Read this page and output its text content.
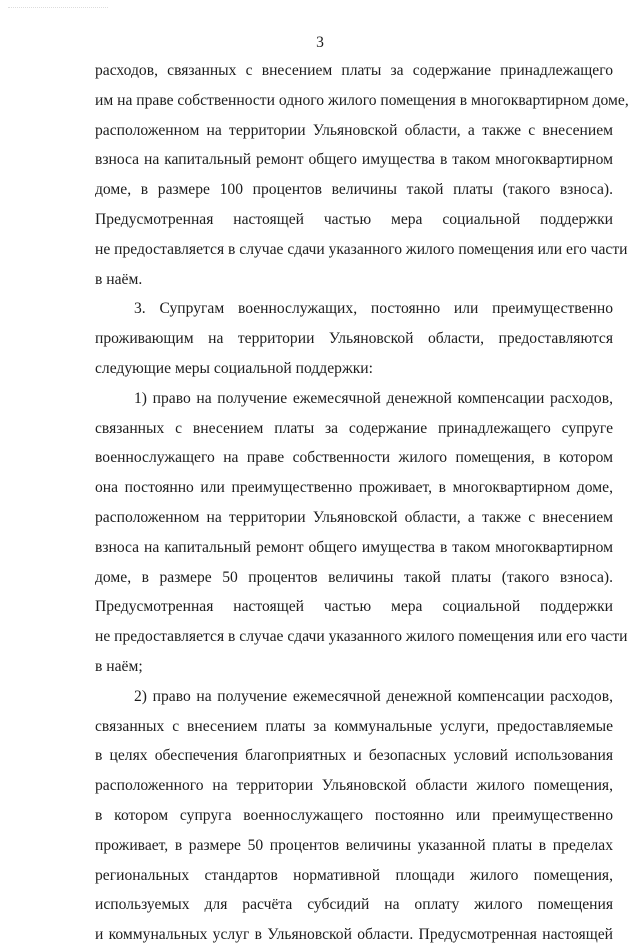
3
расходов, связанных с внесением платы за содержание принадлежащего
им на праве собственности одного жилого помещения в многоквартирном доме,
расположенном на территории Ульяновской области, а также с внесением
взноса на капитальный ремонт общего имущества в таком многоквартирном
доме, в размере 100 процентов величины такой платы (такого взноса).
Предусмотренная настоящей частью мера социальной поддержки
не предоставляется в случае сдачи указанного жилого помещения или его части
в наём.
3. Супругам военнослужащих, постоянно или преимущественно
проживающим на территории Ульяновской области, предоставляются
следующие меры социальной поддержки:
1) право на получение ежемесячной денежной компенсации расходов,
связанных с внесением платы за содержание принадлежащего супруге
военнослужащего на праве собственности жилого помещения, в котором
она постоянно или преимущественно проживает, в многоквартирном доме,
расположенном на территории Ульяновской области, а также с внесением
взноса на капитальный ремонт общего имущества в таком многоквартирном
доме, в размере 50 процентов величины такой платы (такого взноса).
Предусмотренная настоящей частью мера социальной поддержки
не предоставляется в случае сдачи указанного жилого помещения или его части
в наём;
2) право на получение ежемесячной денежной компенсации расходов,
связанных с внесением платы за коммунальные услуги, предоставляемые
в целях обеспечения благоприятных и безопасных условий использования
расположенного на территории Ульяновской области жилого помещения,
в котором супруга военнослужащего постоянно или преимущественно
проживает, в размере 50 процентов величины указанной платы в пределах
региональных стандартов нормативной площади жилого помещения,
используемых для расчёта субсидий на оплату жилого помещения
и коммунальных услуг в Ульяновской области. Предусмотренная настоящей
